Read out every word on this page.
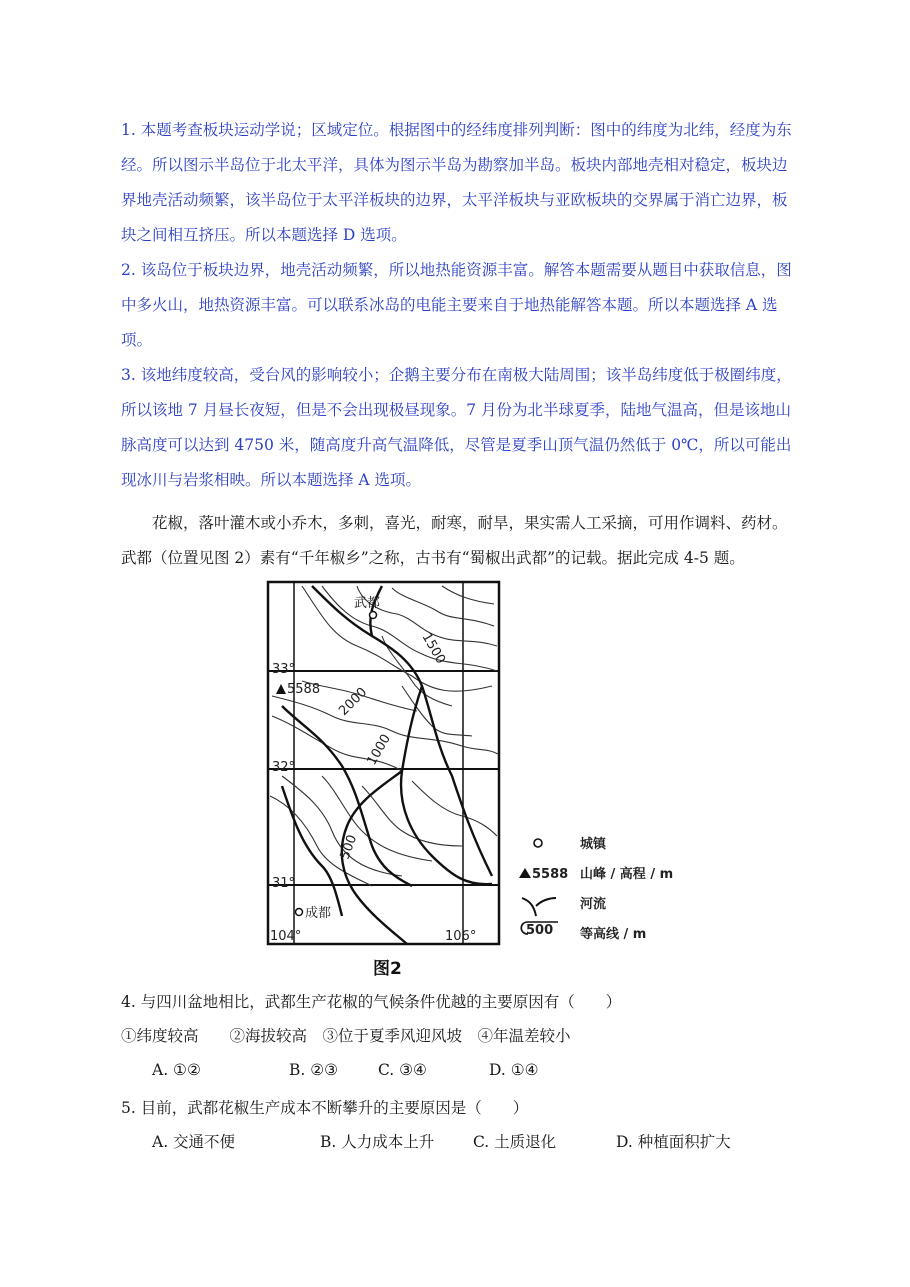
1. 本题考查板块运动学说；区域定位。根据图中的经纬度排列判断：图中的纬度为北纬，经度为东经。所以图示半岛位于北太平洋，具体为图示半岛为勘察加半岛。板块内部地壳相对稳定，板块边界地壳活动频繁，该半岛位于太平洋板块的边界，太平洋板块与亚欧板块的交界属于消亡边界，板块之间相互挤压。所以本题选择 D 选项。

2. 该岛位于板块边界，地壳活动频繁，所以地热能资源丰富。解答本题需要从题目中获取信息，图中多火山，地热资源丰富。可以联系冰岛的电能主要来自于地热能解答本题。所以本题选择 A 选项。

3. 该地纬度较高，受台风的影响较小；企鹅主要分布在南极大陆周围；该半岛纬度低于极圈纬度，所以该地 7 月昼长夜短，但是不会出现极昼现象。7 月份为北半球夏季，陆地气温高，但是该地山脉高度可以达到 4750 米，随高度升高气温降低，尽管是夏季山顶气温仍然低于 0℃，所以可能出现冰川与岩浆相映。所以本题选择 A 选项。

花椒，落叶灌木或小乔木，多刺，喜光，耐寒，耐旱，果实需人工采摘，可用作调料、药材。
武都（位置见图 2）素有“千年椒乡”之称，古书有“蜀椒出武都”的记载。据此完成 4-5 题。
武都
5588
33°
32°
31°
104°	106°
1500
2000
1000
500
成都
城镇
5588 山峰 / 高程 / m
河流
500 等高线 / m
图2
4. 与四川盆地相比，武都生产花椒的气候条件优越的主要原因有（　　）
①纬度较高　　②海拔较高　③位于夏季风迎风坡　④年温差较小
A. ①②	B. ②③	C. ③④	D. ①④
5. 目前，武都花椒生产成本不断攀升的主要原因是（　　）
A. 交通不便	B. 人力成本上升	C. 土质退化	D. 种植面积扩大
